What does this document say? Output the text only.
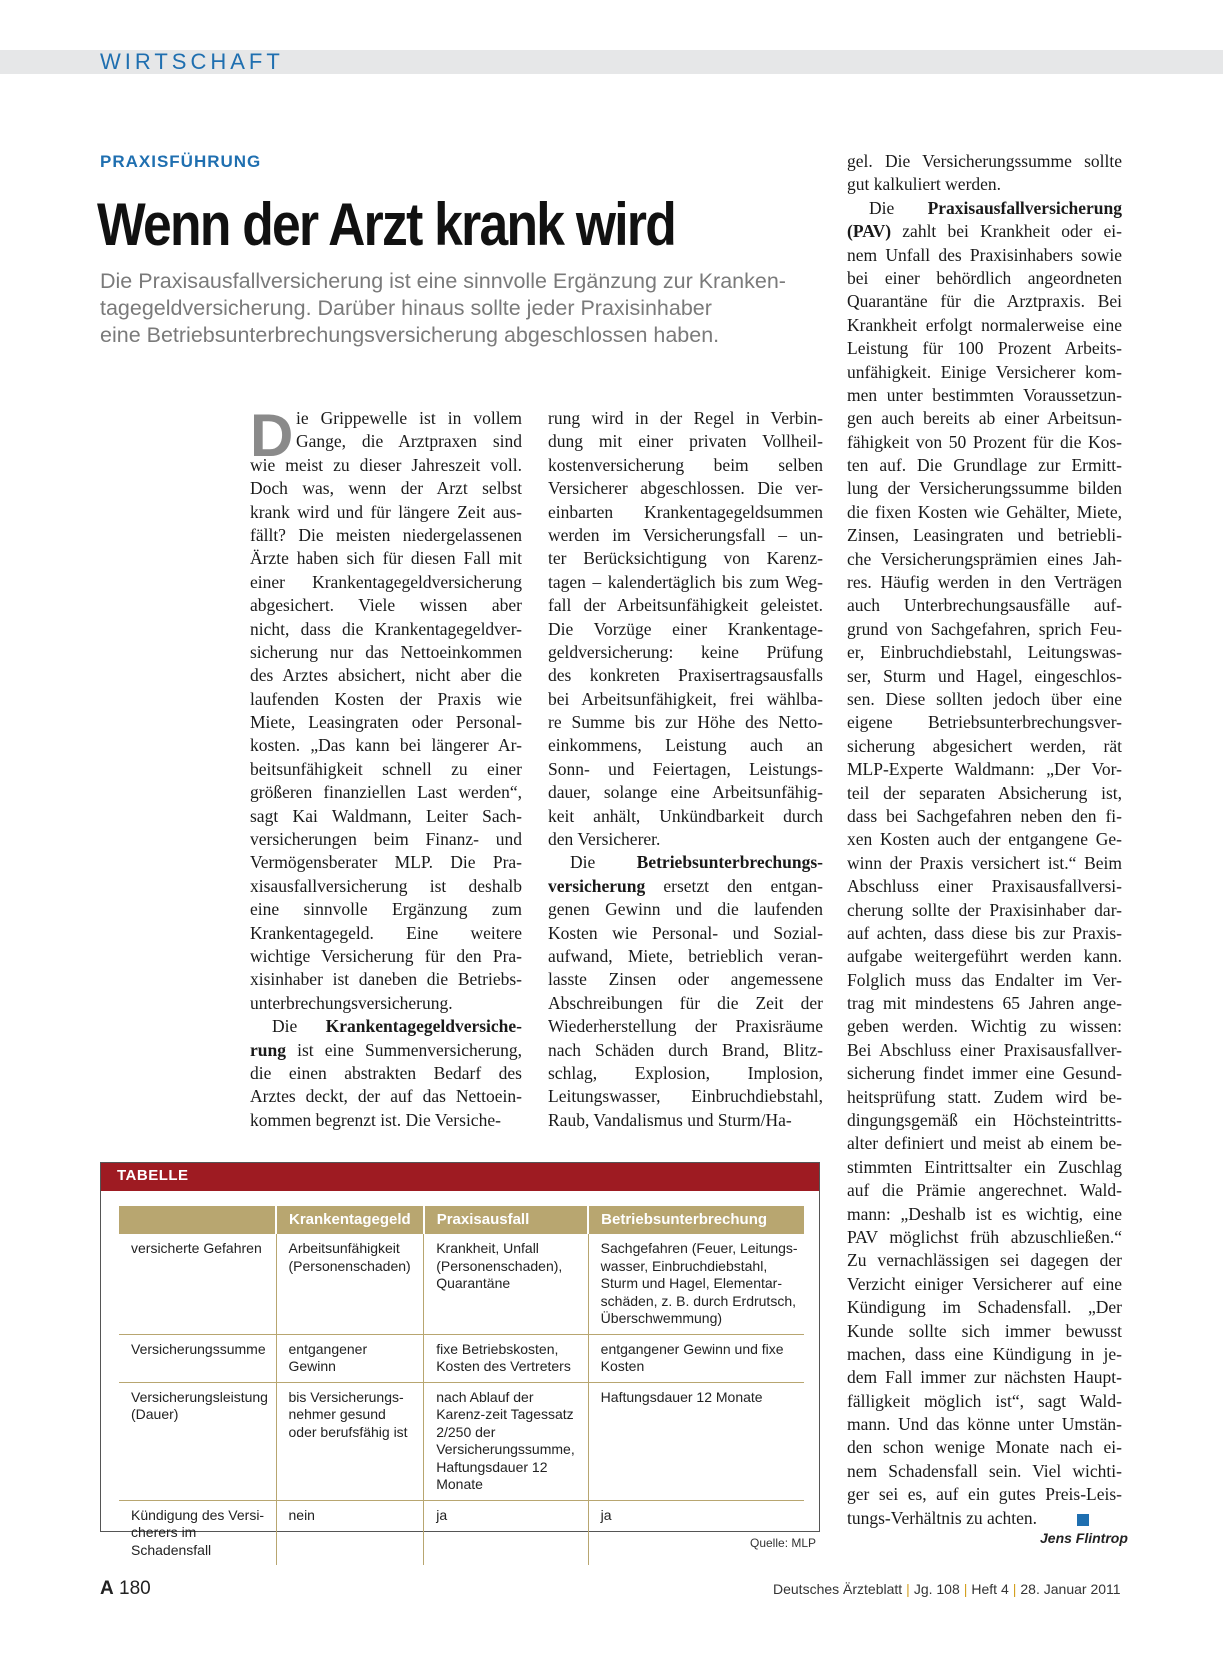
WIRTSCHAFT
PRAXISFÜHRUNG
Wenn der Arzt krank wird
Die Praxisausfallversicherung ist eine sinnvolle Ergänzung zur Kranken-
tagegeldversicherung. Darüber hinaus sollte jeder Praxisinhaber
eine Betriebsunterbrechungsversicherung abgeschlossen haben.
D ie Grippewelle ist in vollem
Gange, die Arztpraxen sind
wie meist zu dieser Jahreszeit voll.
Doch was, wenn der Arzt selbst
krank wird und für längere Zeit aus-
fällt? Die meisten niedergelassenen
Ärzte haben sich für diesen Fall mit
einer Krankentagegeldversicherung
abgesichert. Viele wissen aber
nicht, dass die Krankentagegeldver-
sicherung nur das Nettoeinkommen
des Arztes absichert, nicht aber die
laufenden Kosten der Praxis wie
Miete, Leasingraten oder Personal-
kosten. „Das kann bei längerer Ar-
beitsunfähigkeit schnell zu einer
größeren finanziellen Last werden“,
sagt Kai Waldmann, Leiter Sach-
versicherungen beim Finanz- und
Vermögensberater MLP. Die Pra-
xisausfallversicherung ist deshalb
eine sinnvolle Ergänzung zum
Krankentagegeld. Eine weitere
wichtige Versicherung für den Pra-
xisinhaber ist daneben die Betriebs-
unterbrechungsversicherung.
Die Krankentagegeldversiche-
rung ist eine Summenversicherung,
die einen abstrakten Bedarf des
Arztes deckt, der auf das Nettoein-
kommen begrenzt ist. Die Versiche-
rung wird in der Regel in Verbin-
dung mit einer privaten Vollheil-
kostenversicherung beim selben
Versicherer abgeschlossen. Die ver-
einbarten Krankentagegeldsummen
werden im Versicherungsfall – un-
ter Berücksichtigung von Karenz-
tagen – kalendertäglich bis zum Weg-
fall der Arbeitsunfähigkeit geleistet.
Die Vorzüge einer Krankentage-
geldversicherung: keine Prüfung
des konkreten Praxisertragsausfalls
bei Arbeitsunfähigkeit, frei wählba-
re Summe bis zur Höhe des Netto-
einkommens, Leistung auch an
Sonn- und Feiertagen, Leistungs-
dauer, solange eine Arbeitsunfähig-
keit anhält, Unkündbarkeit durch
den Versicherer.
Die Betriebsunterbrechungs-
versicherung ersetzt den entgan-
genen Gewinn und die laufenden
Kosten wie Personal- und Sozial-
aufwand, Miete, betrieblich veran-
lasste Zinsen oder angemessene
Abschreibungen für die Zeit der
Wiederherstellung der Praxisräume
nach Schäden durch Brand, Blitz-
schlag, Explosion, Implosion,
Leitungswasser, Einbruchdiebstahl,
Raub, Vandalismus und Sturm/Ha-
gel. Die Versicherungssumme sollte
gut kalkuliert werden.
Die Praxisausfallversicherung
(PAV) zahlt bei Krankheit oder ei-
nem Unfall des Praxisinhabers sowie
bei einer behördlich angeordneten
Quarantäne für die Arztpraxis. Bei
Krankheit erfolgt normalerweise eine
Leistung für 100 Prozent Arbeits-
unfähigkeit. Einige Versicherer kom-
men unter bestimmten Voraussetzun-
gen auch bereits ab einer Arbeitsun-
fähigkeit von 50 Prozent für die Kos-
ten auf. Die Grundlage zur Ermitt-
lung der Versicherungssumme bilden
die fixen Kosten wie Gehälter, Miete,
Zinsen, Leasingraten und betriebli-
che Versicherungsprämien eines Jah-
res. Häufig werden in den Verträgen
auch Unterbrechungsausfälle auf-
grund von Sachgefahren, sprich Feu-
er, Einbruchdiebstahl, Leitungswas-
ser, Sturm und Hagel, eingeschlos-
sen. Diese sollten jedoch über eine
eigene Betriebsunterbrechungsver-
sicherung abgesichert werden, rät
MLP-Experte Waldmann: „Der Vor-
teil der separaten Absicherung ist,
dass bei Sachgefahren neben den fi-
xen Kosten auch der entgangene Ge-
winn der Praxis versichert ist.“ Beim
Abschluss einer Praxisausfallversi-
cherung sollte der Praxisinhaber dar-
auf achten, dass diese bis zur Praxis-
aufgabe weitergeführt werden kann.
Folglich muss das Endalter im Ver-
trag mit mindestens 65 Jahren ange-
geben werden. Wichtig zu wissen:
Bei Abschluss einer Praxisausfallver-
sicherung findet immer eine Gesund-
heitsprüfung statt. Zudem wird be-
dingungsgemäß ein Höchsteintritts-
alter definiert und meist ab einem be-
stimmten Eintrittsalter ein Zuschlag
auf die Prämie angerechnet. Wald-
mann: „Deshalb ist es wichtig, eine
PAV möglichst früh abzuschließen.“
Zu vernachlässigen sei dagegen der
Verzicht einiger Versicherer auf eine
Kündigung im Schadensfall. „Der
Kunde sollte sich immer bewusst
machen, dass eine Kündigung in je-
dem Fall immer zur nächsten Haupt-
fälligkeit möglich ist“, sagt Wald-
mann. Und das könne unter Umstän-
den schon wenige Monate nach ei-
nem Schadensfall sein. Viel wichti-
ger sei es, auf ein gutes Preis-Leis-
tungs-Verhältnis zu achten.
Jens Flintrop
TABELLE
	Krankentagegeld	Praxisausfall	Betriebsunterbrechung
versicherte Gefahren	Arbeitsunfähigkeit (Personenschaden)	Krankheit, Unfall (Personenschaden), Quarantäne	Sachgefahren (Feuer, Leitungs-wasser, Einbruchdiebstahl, Sturm und Hagel, Elementar-schäden, z. B. durch Erdrutsch, Überschwemmung)
Versicherungssumme	entgangener Gewinn	fixe Betriebskosten, Kosten des Vertreters	entgangener Gewinn und fixe Kosten
Versicherungsleistung (Dauer)	bis Versicherungs-nehmer gesund oder berufsfähig ist	nach Ablauf der Karenz-zeit Tagessatz 2/250 der Versicherungssumme, Haftungsdauer 12 Monate	Haftungsdauer 12 Monate
Kündigung des Versi-cherers im Schadensfall	nein	ja	ja
Quelle: MLP
A 180	Deutsches Ärzteblatt | Jg. 108 | Heft 4 | 28. Januar 2011
